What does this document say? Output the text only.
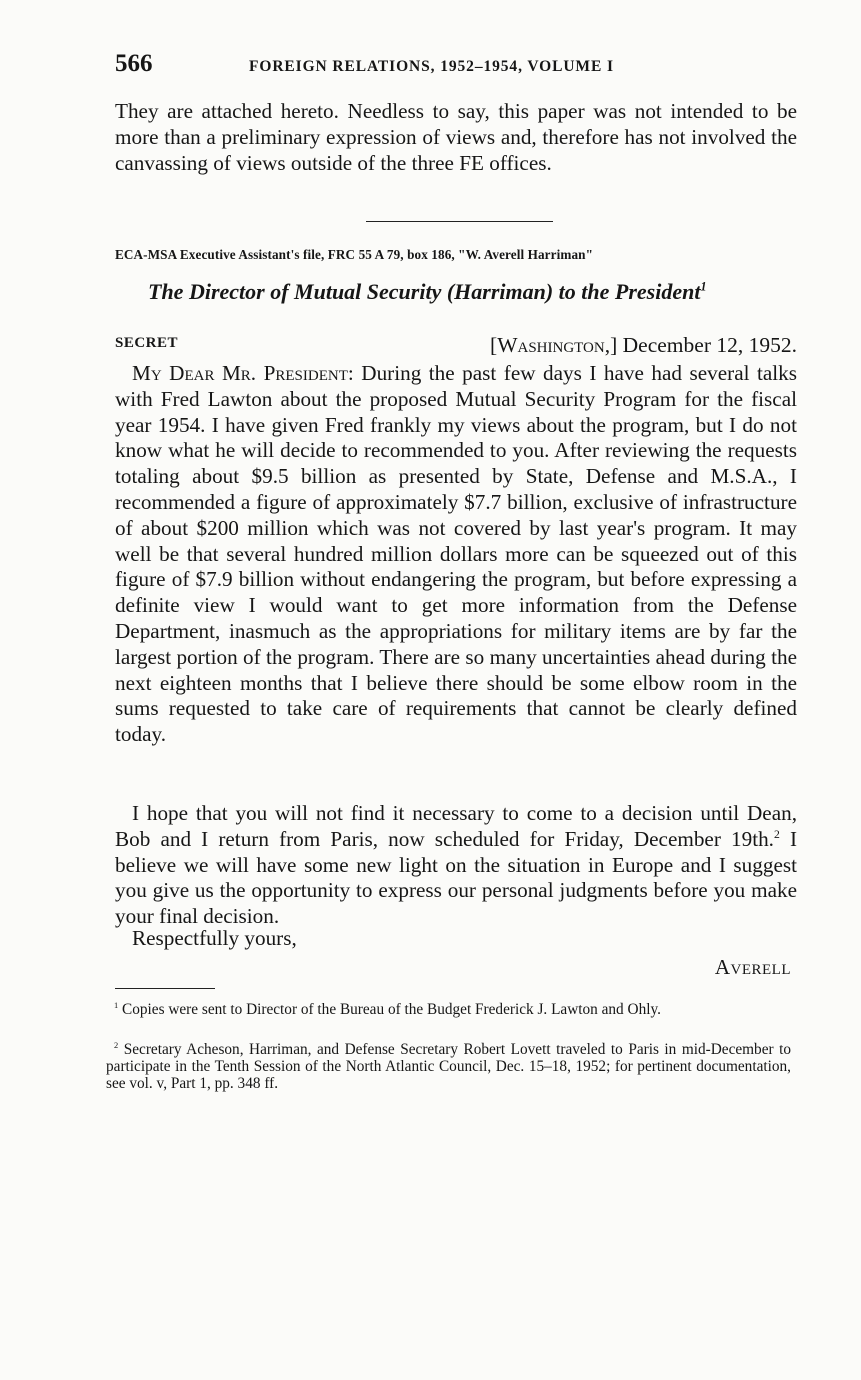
566	FOREIGN RELATIONS, 1952–1954, VOLUME I

They are attached hereto. Needless to say, this paper was not intended to be more than a preliminary expression of views and, therefore has not involved the canvassing of views outside of the three FE offices.

ECA-MSA Executive Assistant's file, FRC 55 A 79, box 186, "W. Averell Harriman"
The Director of Mutual Security (Harriman) to the President$^1$
SECRET	[Washington,] December 12, 1952.

My Dear Mr. President: During the past few days I have had several talks with Fred Lawton about the proposed Mutual Security Program for the fiscal year 1954. I have given Fred frankly my views about the program, but I do not know what he will decide to recommended to you. After reviewing the requests totaling about $9.5 billion as presented by State, Defense and M.S.A., I recommended a figure of approximately $7.7 billion, exclusive of infrastructure of about $200 million which was not covered by last year's program. It may well be that several hundred million dollars more can be squeezed out of this figure of $7.9 billion without endangering the program, but before expressing a definite view I would want to get more information from the Defense Department, inasmuch as the appropriations for military items are by far the largest portion of the program. There are so many uncertainties ahead during the next eighteen months that I believe there should be some elbow room in the sums requested to take care of requirements that cannot be clearly defined today.

I hope that you will not find it necessary to come to a decision until Dean, Bob and I return from Paris, now scheduled for Friday, December 19th.$^2$ I believe we will have some new light on the situation in Europe and I suggest you give us the opportunity to express our personal judgments before you make your final decision.

Respectfully yours,
Averell

$^1$ Copies were sent to Director of the Bureau of the Budget Frederick J. Lawton and Ohly.

$^2$ Secretary Acheson, Harriman, and Defense Secretary Robert Lovett traveled to Paris in mid-December to participate in the Tenth Session of the North Atlantic Council, Dec. 15–18, 1952; for pertinent documentation, see vol. v, Part 1, pp. 348 ff.
